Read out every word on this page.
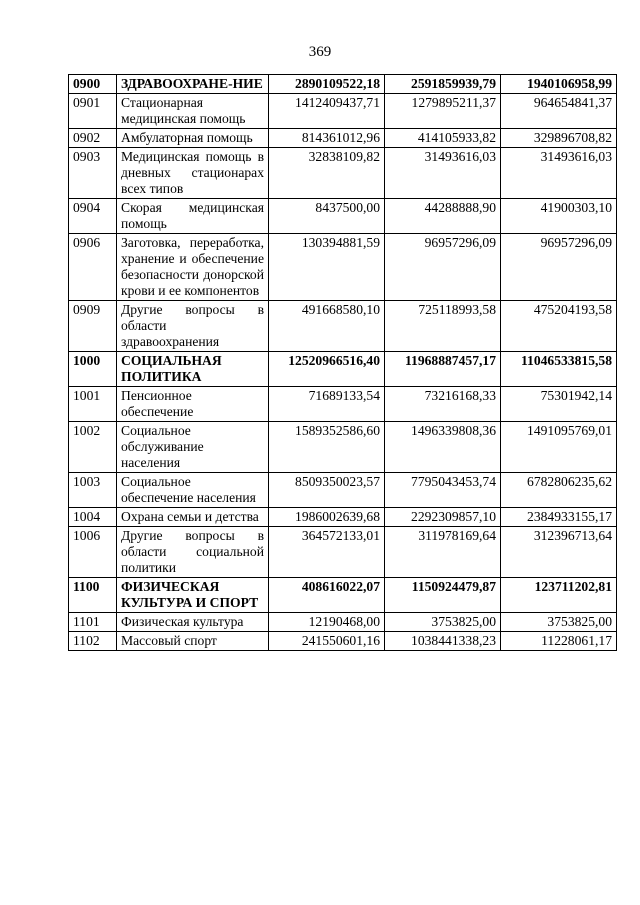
369
0900	ЗДРАВООХРАНЕ-НИЕ	2890109522,18	2591859939,79	1940106958,99
0901	Стационарная медицинская помощь	1412409437,71	1279895211,37	964654841,37
0902	Амбулаторная помощь	814361012,96	414105933,82	329896708,82
0903	Медицинская помощь в дневных стационарах всех типов	32838109,82	31493616,03	31493616,03
0904	Скорая медицинская помощь	8437500,00	44288888,90	41900303,10
0906	Заготовка, переработка, хранение и обеспечение безопасности донорской крови и ее компонентов	130394881,59	96957296,09	96957296,09
0909	Другие вопросы в области здравоохранения	491668580,10	725118993,58	475204193,58
1000	СОЦИАЛЬНАЯ ПОЛИТИКА	12520966516,40	11968887457,17	11046533815,58
1001	Пенсионное обеспечение	71689133,54	73216168,33	75301942,14
1002	Социальное обслуживание населения	1589352586,60	1496339808,36	1491095769,01
1003	Социальное обеспечение населения	8509350023,57	7795043453,74	6782806235,62
1004	Охрана семьи и детства	1986002639,68	2292309857,10	2384933155,17
1006	Другие вопросы в области социальной политики	364572133,01	311978169,64	312396713,64
1100	ФИЗИЧЕСКАЯ КУЛЬТУРА И СПОРТ	408616022,07	1150924479,87	123711202,81
1101	Физическая культура	12190468,00	3753825,00	3753825,00
1102	Массовый спорт	241550601,16	1038441338,23	11228061,17
